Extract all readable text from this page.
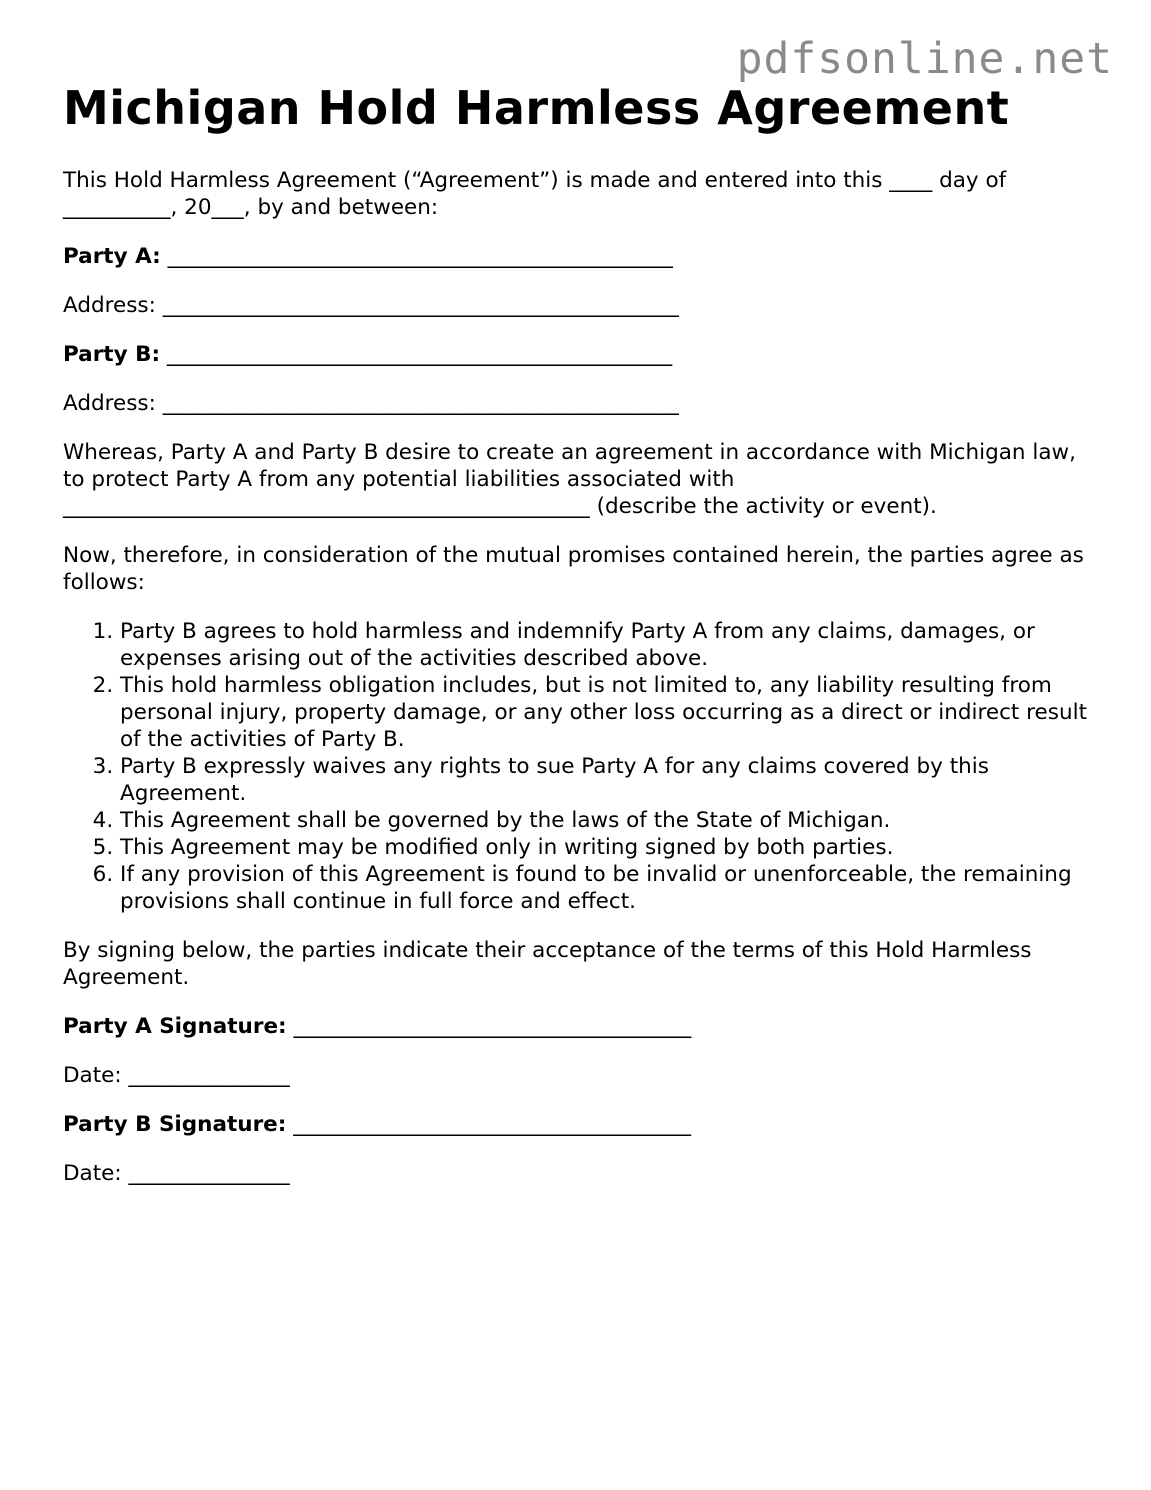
pdfsonline.net
Michigan Hold Harmless Agreement

This Hold Harmless Agreement (“Agreement”) is made and entered into this ____ day of __________, 20___, by and between:

Party A: _______________________________________________

Address: ________________________________________________

Party B: _______________________________________________

Address: ________________________________________________

Whereas, Party A and Party B desire to create an agreement in accordance with Michigan law, to protect Party A from any potential liabilities associated with _________________________________________________ (describe the activity or event).

Now, therefore, in consideration of the mutual promises contained herein, the parties agree as follows:

1. Party B agrees to hold harmless and indemnify Party A from any claims, damages, or expenses arising out of the activities described above.
2. This hold harmless obligation includes, but is not limited to, any liability resulting from personal injury, property damage, or any other loss occurring as a direct or indirect result of the activities of Party B.
3. Party B expressly waives any rights to sue Party A for any claims covered by this Agreement.
4. This Agreement shall be governed by the laws of the State of Michigan.
5. This Agreement may be modified only in writing signed by both parties.
6. If any provision of this Agreement is found to be invalid or unenforceable, the remaining provisions shall continue in full force and effect.

By signing below, the parties indicate their acceptance of the terms of this Hold Harmless Agreement.

Party A Signature: _____________________________________

Date: _______________

Party B Signature: _____________________________________

Date: _______________
